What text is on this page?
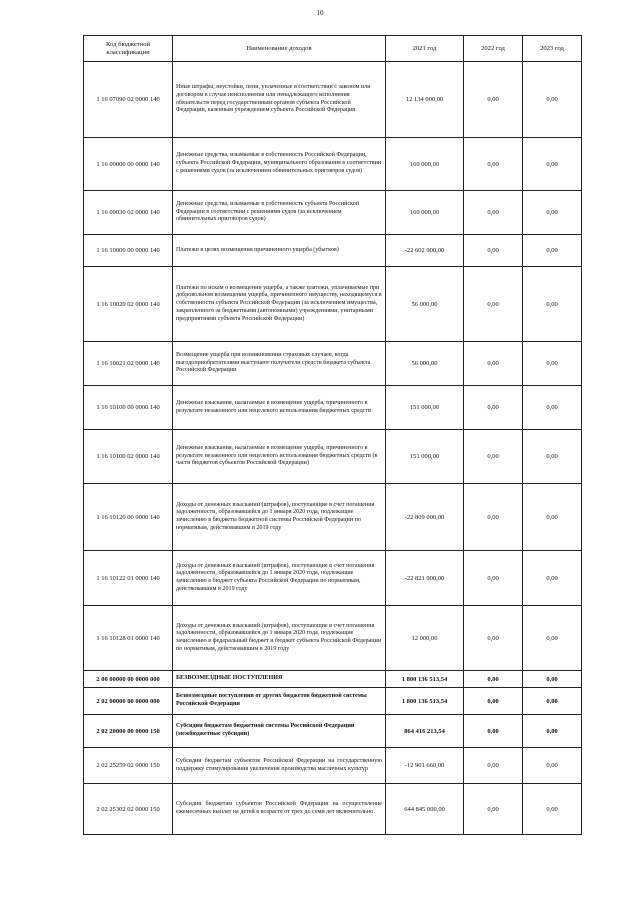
10
Код бюджетной классификации	Наименование доходов	2021 год	2022 год	2023 год
1 16 07090 02 0000 140	Иные штрафы, неустойки, пени, уплаченные в соответствии с законом или договором в случае неисполнения или ненадлежащего исполнения обязательств перед государственным органом субъекта Российской Федерации, казенным учреждением субъекта Российской Федерации	12 134 000,00	0,00	0,00
1 16 09000 00 0000 140	Денежные средства, изымаемые в собственность Российской Федерации, субъекта Российской Федерации, муниципального образования в соответствии с решениями судов (за исключением обвинительных приговоров судов)	160 000,00	0,00	0,00
1 16 09030 02 0000 140	Денежные средства, изымаемые в собственность субъекта Российской Федерации в соответствии с решениями судов (за исключением обвинительных приговоров судов)	160 000,00	0,00	0,00
1 16 10000 00 0000 140	Платежи в целях возмещения причиненного ущерба (убытков)	-22 602 000,00	0,00	0,00
1 16 10020 02 0000 140	Платежи по искам о возмещении ущерба, а также платежи, уплачиваемые при добровольном возмещении ущерба, причиненного имуществу, находящемуся в собственности субъекта Российской Федерации (за исключением имущества, закрепленного за бюджетными (автономными) учреждениями, унитарными предприятиями субъекта Российской Федерации)	56 000,00	0,00	0,00
1 16 10021 02 0000 140	Возмещение ущерба при возникновении страховых случаев, когда выгодоприобретателями выступают получатели средств бюджета субъекта Российской Федерации	56 000,00	0,00	0,00
1 16 10100 00 0000 140	Денежные взыскания, налагаемые в возмещение ущерба, причиненного в результате незаконного или нецелевого использования бюджетных средств	151 000,00	0,00	0,00
1 16 10100 02 0000 140	Денежные взыскания, налагаемые в возмещение ущерба, причиненного в результате незаконного или нецелевого использования бюджетных средств (в части бюджетов субъектов Российской Федерации)	151 000,00	0,00	0,00
1 16 10120 00 0000 140	Доходы от денежных взысканий (штрафов), поступающие в счет погашения задолженности, образовавшейся до 1 января 2020 года, подлежащие зачислению в бюджеты бюджетной системы Российской Федерации по нормативам, действовавшим в 2019 году	-22 809 000,00	0,00	0,00
1 16 10122 01 0000 140	Доходы от денежных взысканий (штрафов), поступающие в счет погашения задолженности, образовавшейся до 1 января 2020 года, подлежащие зачислению в бюджет субъекта Российской Федерации по нормативам, действовавшим в 2019 году	-22 821 000,00	0,00	0,00
1 16 10128 01 0000 140	Доходы от денежных взысканий (штрафов), поступающие в счет погашения задолженности, образовавшейся до 1 января 2020 года, подлежащие зачислению в федеральный бюджет и бюджет субъекта Российской Федерации по нормативам, действовавшим в 2019 году	12 000,00	0,00	0,00
2 00 00000 00 0000 000	БЕЗВОЗМЕЗДНЫЕ ПОСТУПЛЕНИЯ	1 800 136 513,54	0,00	0,00
2 02 00000 00 0000 000	Безвозмездные поступления от других бюджетов бюджетной системы Российской Федерации	1 800 136 513,54	0,00	0,00
2 02 20000 00 0000 150	Субсидии бюджетам бюджетной системы Российской Федерации (межбюджетные субсидии)	864 416 213,54	0,00	0,00
2 02 25259 02 0000 150	Субсидии бюджетам субъектов Российской Федерации на государственную поддержку стимулирования увеличения производства масличных культур	-12 901 660,00	0,00	0,00
2 02 25302 02 0000 150	Субсидии бюджетам субъектов Российской Федерации на осуществление ежемесячных выплат на детей в возрасте от трех до семи лет включительно	644 845 000,00	0,00	0,00
